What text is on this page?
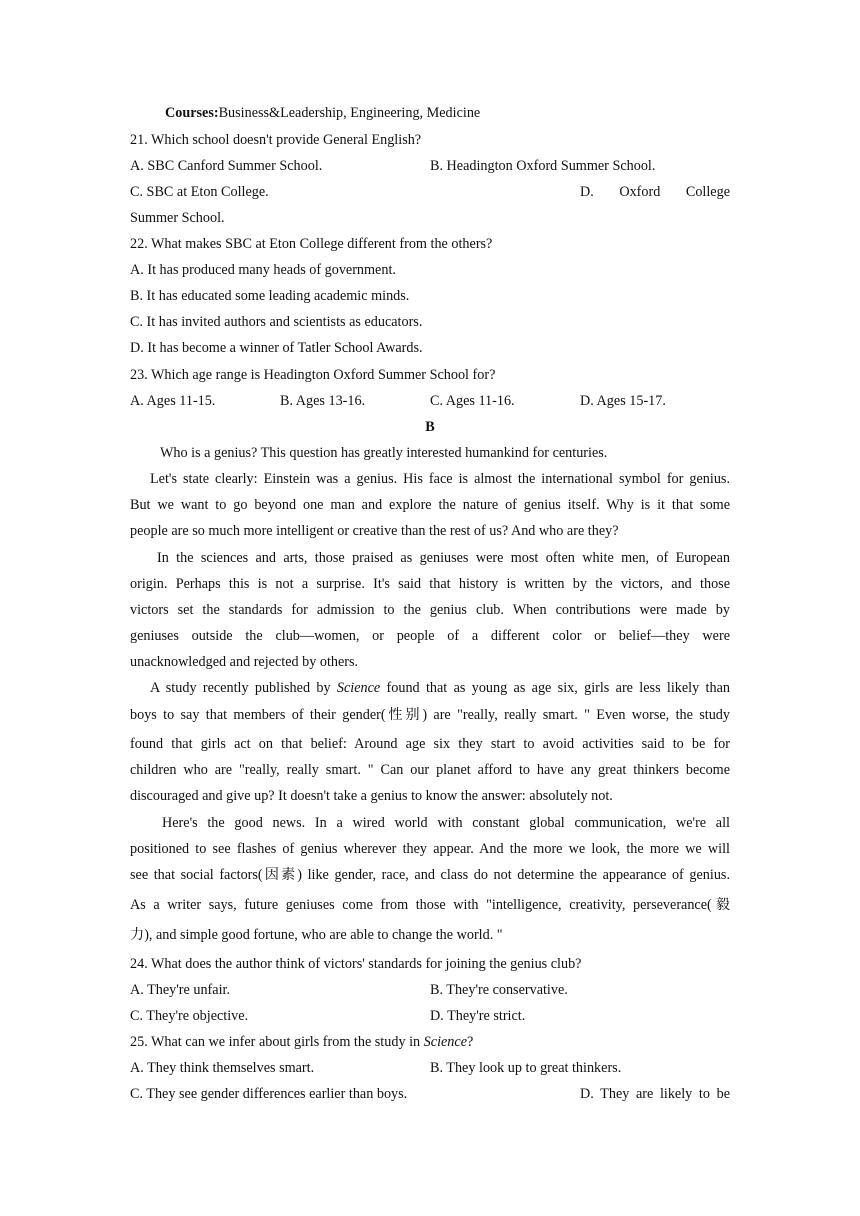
Courses:Business&Leadership, Engineering, Medicine
21. Which school doesn't provide General English?
A. SBC Canford Summer School.	B. Headington Oxford Summer School.
C. SBC at Eton College.	D. Oxford College
Summer School.
22. What makes SBC at Eton College different from the others?
A. It has produced many heads of government.
B. It has educated some leading academic minds.
C. It has invited authors and scientists as educators.
D. It has become a winner of Tatler School Awards.
23. Which age range is Headington Oxford Summer School for?
A. Ages 11-15.	B. Ages 13-16.	C. Ages 11-16.	D. Ages 15-17.
B
Who is a genius? This question has greatly interested humankind for centuries.
Let's state clearly: Einstein was a genius. His face is almost the international symbol for genius.
But we want to go beyond one man and explore the nature of genius itself. Why is it that some
people are so much more intelligent or creative than the rest of us? And who are they?
In the sciences and arts, those praised as geniuses were most often white men, of European
origin. Perhaps this is not a surprise. It's said that history is written by the victors, and those
victors set the standards for admission to the genius club. When contributions were made by
geniuses outside the club—women, or people of a different color or belief—they were
unacknowledged and rejected by others.
A study recently published by Science found that as young as age six, girls are less likely than
boys to say that members of their gender(性别) are "really, really smart. " Even worse, the study
found that girls act on that belief: Around age six they start to avoid activities said to be for
children who are "really, really smart. " Can our planet afford to have any great thinkers become
discouraged and give up? It doesn't take a genius to know the answer: absolutely not.
Here's the good news. In a wired world with constant global communication, we're all
positioned to see flashes of genius wherever they appear. And the more we look, the more we will
see that social factors(因素) like gender, race, and class do not determine the appearance of genius.
As a writer says, future geniuses come from those with "intelligence, creativity, perseverance(毅
力), and simple good fortune, who are able to change the world. "
24. What does the author think of victors' standards for joining the genius club?
A. They're unfair.	B. They're conservative.
C. They're objective.	D. They're strict.
25. What can we infer about girls from the study in Science?
A. They think themselves smart.	B. They look up to great thinkers.
C. They see gender differences earlier than boys.	D. They are likely to be
